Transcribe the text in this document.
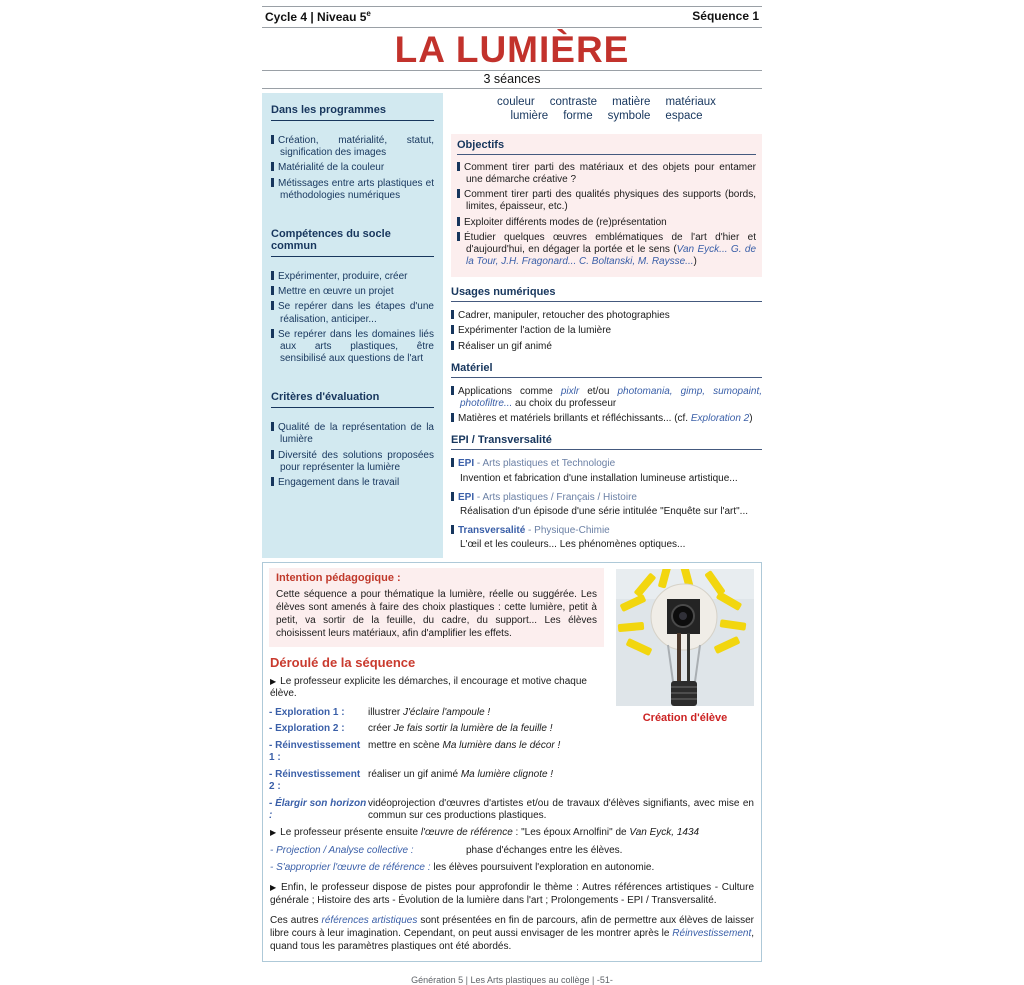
Cycle 4 | Niveau 5e	Séquence 1
LA LUMIÈRE
3 séances
Dans les programmes
Création, matérialité, statut, signification des images
Matérialité de la couleur
Métissages entre arts plastiques et méthodologies numériques
Compétences du socle commun
Expérimenter, produire, créer
Mettre en œuvre un projet
Se repérer dans les étapes d'une réalisation, anticiper...
Se repérer dans les domaines liés aux arts plastiques, être sensibilisé aux questions de l'art
Critères d'évaluation
Qualité de la représentation de la lumière
Diversité des solutions proposées pour représenter la lumière
Engagement dans le travail
couleur contraste matière matériaux
lumière forme symbole espace
Objectifs
Comment tirer parti des matériaux et des objets pour entamer une démarche créative ?
Comment tirer parti des qualités physiques des supports (bords, limites, épaisseur, etc.)
Exploiter différents modes de (re)présentation
Étudier quelques œuvres emblématiques de l'art d'hier et d'aujourd'hui, en dégager la portée et le sens (Van Eyck... G. de la Tour, J.H. Fragonard... C. Boltanski, M. Raysse...)
Usages numériques
Cadrer, manipuler, retoucher des photographies
Expérimenter l'action de la lumière
Réaliser un gif animé
Matériel
Applications comme pixlr et/ou photomania, gimp, sumopaint, photofiltre... au choix du professeur
Matières et matériels brillants et réfléchissants... (cf. Exploration 2)
EPI / Transversalité
EPI - Arts plastiques et Technologie
Invention et fabrication d'une installation lumineuse artistique...
EPI - Arts plastiques / Français / Histoire
Réalisation d'un épisode d'une série intitulée "Enquête sur l'art"...
Transversalité - Physique-Chimie
L'œil et les couleurs... Les phénomènes optiques...
Création d'élève
Intention pédagogique :
Cette séquence a pour thématique la lumière, réelle ou suggérée. Les élèves sont amenés à faire des choix plastiques : cette lumière, petit à petit, va sortir de la feuille, du cadre, du support... Les élèves choisissent leurs matériaux, afin d'amplifier les effets.
Déroulé de la séquence
▶ Le professeur explicite les démarches, il encourage et motive chaque élève.
- Exploration 1 :	illustrer J'éclaire l'ampoule !
- Exploration 2 :	créer Je fais sortir la lumière de la feuille !
- Réinvestissement 1 :
mettre en scène Ma lumière dans le décor !
- Réinvestissement 2 :
réaliser un gif animé Ma lumière clignote !
- Élargir son horizon :
vidéoprojection d'œuvres d'artistes et/ou de travaux d'élèves signifiants, avec mise en commun sur ces productions plastiques.
▶ Le professeur présente ensuite l'œuvre de référence : "Les époux Arnolfini" de Van Eyck, 1434
- Projection / Analyse collective :	phase d'échanges entre les élèves.
- S'approprier l'œuvre de référence : les élèves poursuivent l'exploration en autonomie.
▶ Enfin, le professeur dispose de pistes pour approfondir le thème : Autres références artistiques - Culture générale ; Histoire des arts - Évolution de la lumière dans l'art ; Prolongements - EPI / Transversalité.
Ces autres références artistiques sont présentées en fin de parcours, afin de permettre aux élèves de laisser libre cours à leur imagination. Cependant, on peut aussi envisager de les montrer après le Réinvestissement, quand tous les paramètres plastiques ont été abordés.
Génération 5 | Les Arts plastiques au collège | -51-
